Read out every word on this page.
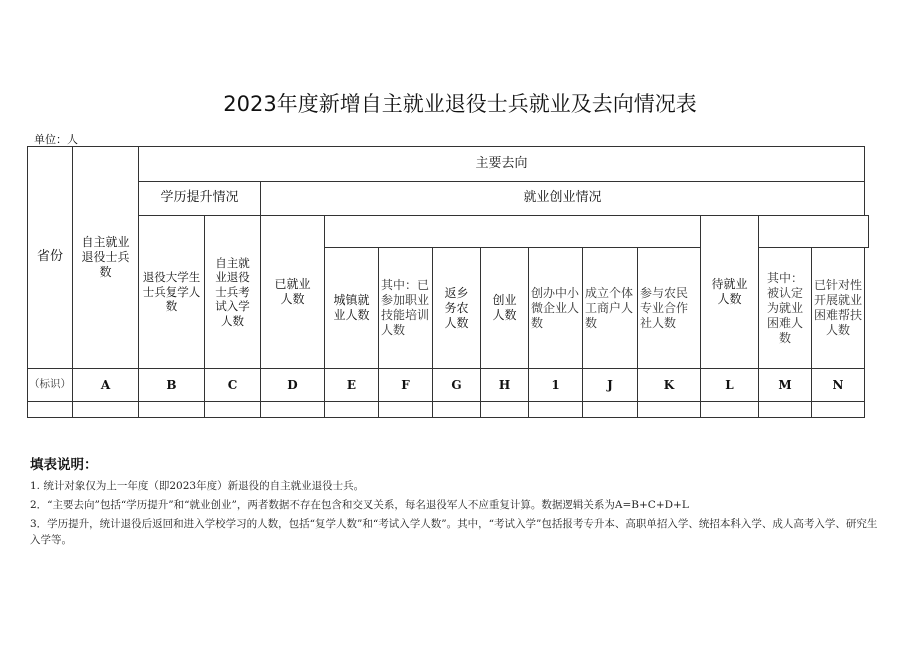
2023年度新增自主就业退役士兵就业及去向情况表
单位：人
省份	自主就业退役士兵数	主要去向												
		学历提升情况		就业创业情况										
		退役大学生士兵复学人数	自主就业退役士兵考试入学人数	已就业人数								待就业人数		
					城镇就业人数	其中：已参加职业技能培训人数	返乡务农人数	创业人数	创办中小微企业人数	成立个体工商户人数	参与农民专业合作社人数		其中：被认定为就业困难人数	已针对性开展就业困难帮扶人数
（标识）	A	B	C	D	E	F	G	H	1	J	K	L	M	N

填表说明：
1. 统计对象仅为上一年度（即2023年度）新退役的自主就业退役士兵。
2．“主要去向”包括“学历提升”和“就业创业”，两者数据不存在包含和交叉关系，每名退役军人不应重复计算。数据逻辑关系为A=B+C+D+L
3．学历提升，统计退役后返回和进入学校学习的人数，包括“复学人数”和“考试入学人数”。其中，“考试入学”包括报考专升本、高职单招入学、统招本科入学、成人高考入学、研究生入学等。
